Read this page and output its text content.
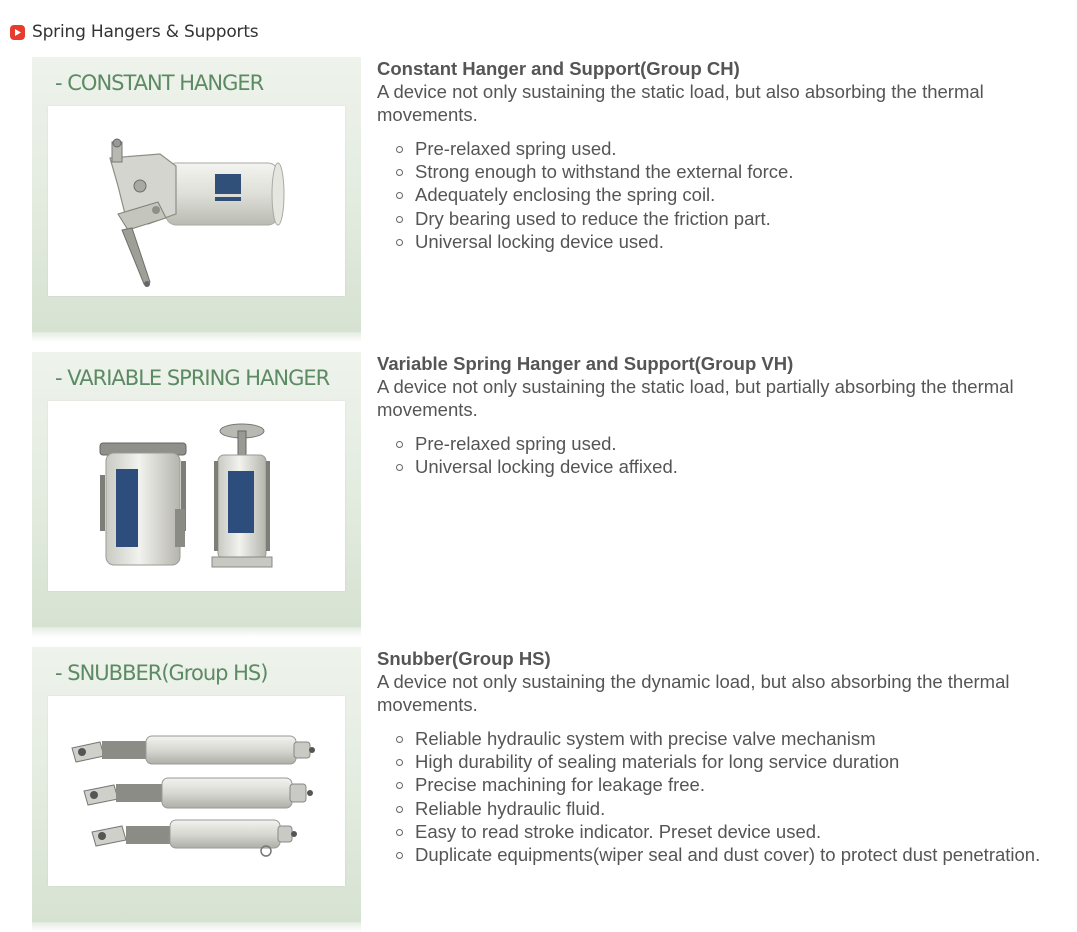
Spring Hangers & Supports
- CONSTANT HANGER

Constant Hanger and Support(Group CH)

A device not only sustaining the static load, but also absorbing the thermal movements.

Pre-relaxed spring used.
Strong enough to withstand the external force.
Adequately enclosing the spring coil.
Dry bearing used to reduce the friction part.
Universal locking device used.
- VARIABLE SPRING HANGER

Variable Spring Hanger and Support(Group VH)

A device not only sustaining the static load, but partially absorbing the thermal movements.

Pre-relaxed spring used.
Universal locking device affixed.
- SNUBBER(Group HS)

Snubber(Group HS)

A device not only sustaining the dynamic load, but also absorbing the thermal movements.

Reliable hydraulic system with precise valve mechanism
High durability of sealing materials for long service duration
Precise machining for leakage free.
Reliable hydraulic fluid.
Easy to read stroke indicator. Preset device used.
Duplicate equipments(wiper seal and dust cover) to protect dust penetration.
